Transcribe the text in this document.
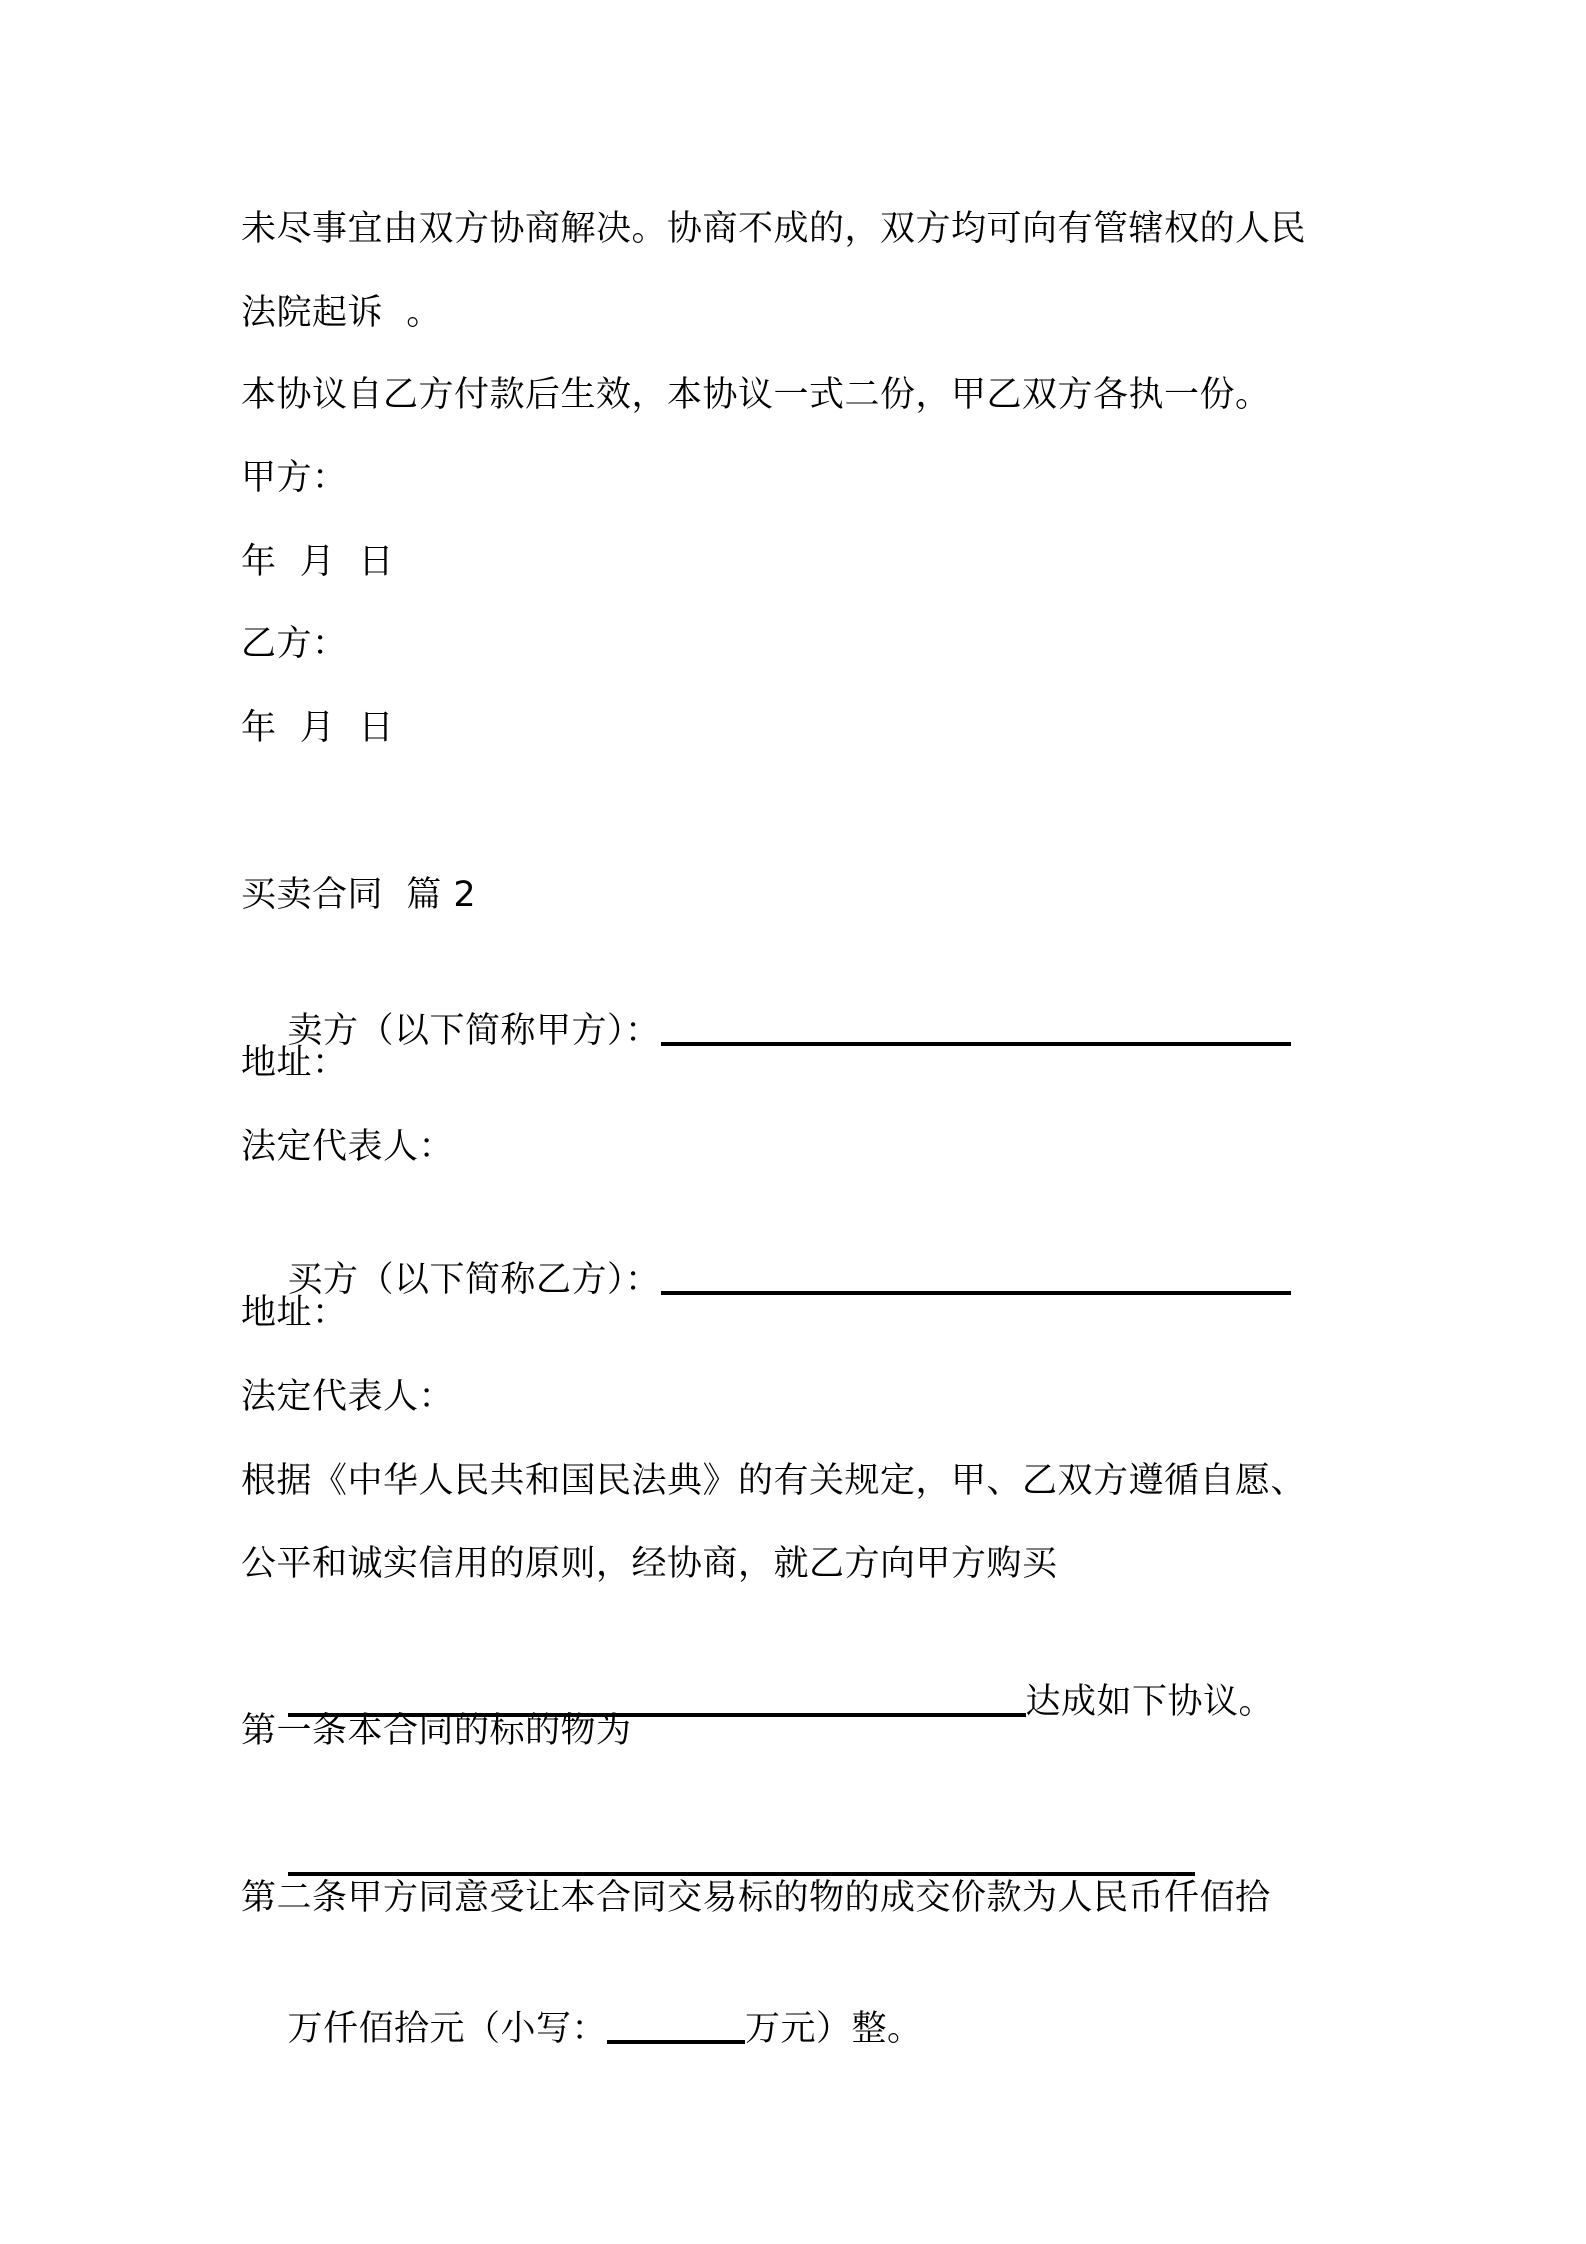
未尽事宜由双方协商解决。协商不成的，双方均可向有管辖权的人民
法院起诉  。
本协议自乙方付款后生效，本协议一式二份，甲乙双方各执一份。
甲方：
年  月  日
乙方：
年  月  日
买卖合同  篇 2

卖方（以下简称甲方）：

地址：
法定代表人：

买方（以下简称乙方）：

地址：
法定代表人：
根据《中华人民共和国民法典》的有关规定，甲、乙双方遵循自愿、
公平和诚实信用的原则，经协商，就乙方向甲方购买

达成如下协议。

第一条本合同的标的物为

第二条甲方同意受让本合同交易标的物的成交价款为人民币仟佰拾

万仟佰拾元（小写：	万元）整。
